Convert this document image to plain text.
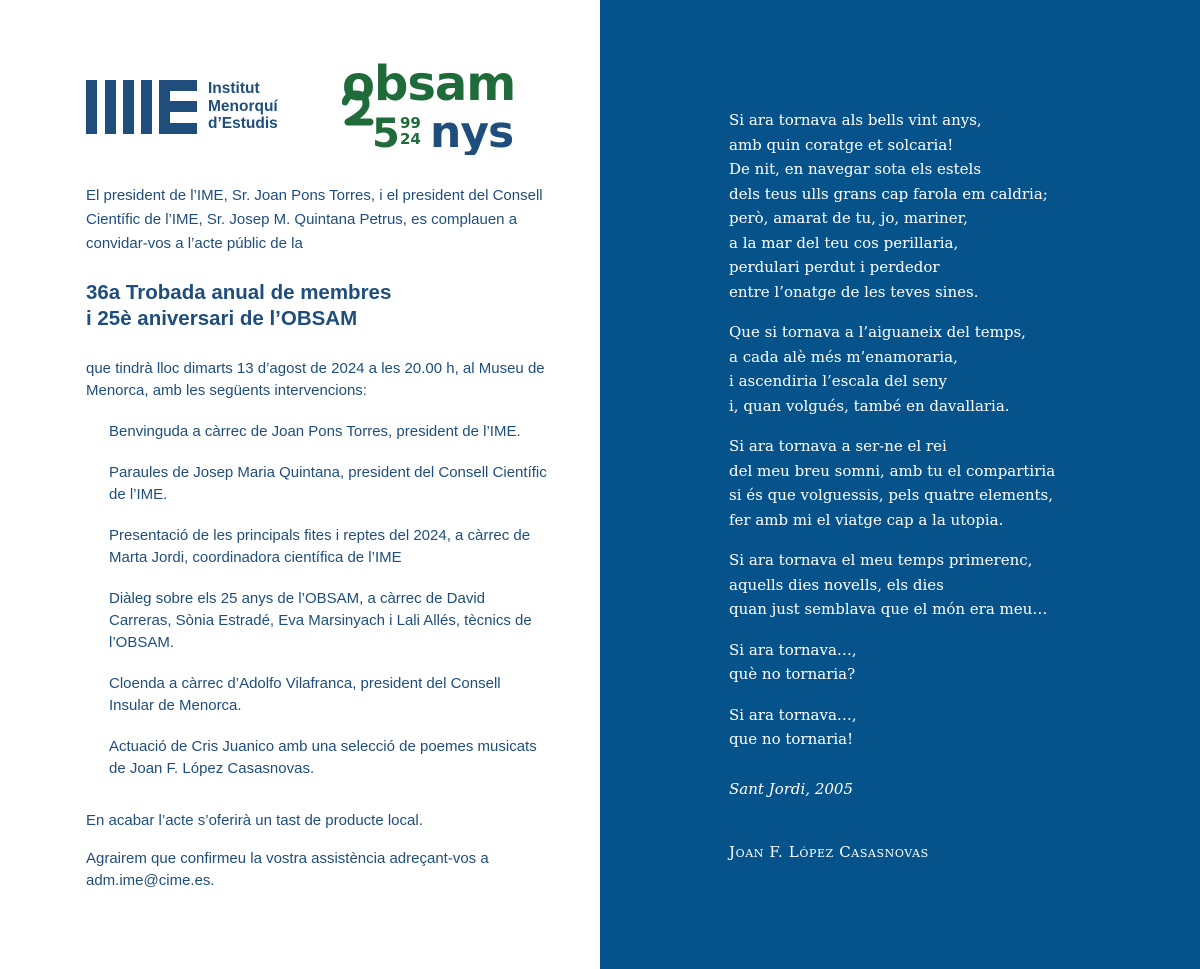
Institut
Menorquí
d’Estudis
obsam
5 99
24 nys

El president de l’IME, Sr. Joan Pons Torres, i el president del Consell Científic de l’IME, Sr. Josep M. Quintana Petrus, es complauen a convidar-vos a l’acte públic de la

36a Trobada anual de membres
i 25è aniversari de l’OBSAM

que tindrà lloc dimarts 13 d’agost de 2024 a les 20.00 h, al Museu de Menorca, amb les següents intervencions:

Benvinguda a càrrec de Joan Pons Torres, president de l’IME.
Paraules de Josep Maria Quintana, president del Consell Científic de l’IME.
Presentació de les principals fites i reptes del 2024, a càrrec de Marta Jordi, coordinadora científica de l’IME
Diàleg sobre els 25 anys de l’OBSAM, a càrrec de David Carreras, Sònia Estradé, Eva Marsinyach i Lali Allés, tècnics de l’OBSAM.
Cloenda a càrrec d’Adolfo Vilafranca, president del Consell Insular de Menorca.
Actuació de Cris Juanico amb una selecció de poemes musicats de Joan F. López Casasnovas.

En acabar l’acte s’oferirà un tast de producte local.

Agrairem que confirmeu la vostra assistència adreçant-vos a adm.ime@cime.es.

Si ara tornava als bells vint anys,
amb quin coratge et solcaria!
De nit, en navegar sota els estels
dels teus ulls grans cap farola em caldria;
però, amarat de tu, jo, mariner,
a la mar del teu cos perillaria,
perdulari perdut i perdedor
entre l’onatge de les teves sines.

Que si tornava a l’aiguaneix del temps,
a cada alè més m’enamoraria,
i ascendiria l’escala del seny
i, quan volgués, també en davallaria.

Si ara tornava a ser-ne el rei
del meu breu somni, amb tu el compartiria
si és que volguessis, pels quatre elements,
fer amb mi el viatge cap a la utopia.

Si ara tornava el meu temps primerenc,
aquells dies novells, els dies
quan just semblava que el món era meu…

Si ara tornava…,
què no tornaria?

Si ara tornava…,
que no tornaria!

Sant Jordi, 2005

Joan F. López Casasnovas
